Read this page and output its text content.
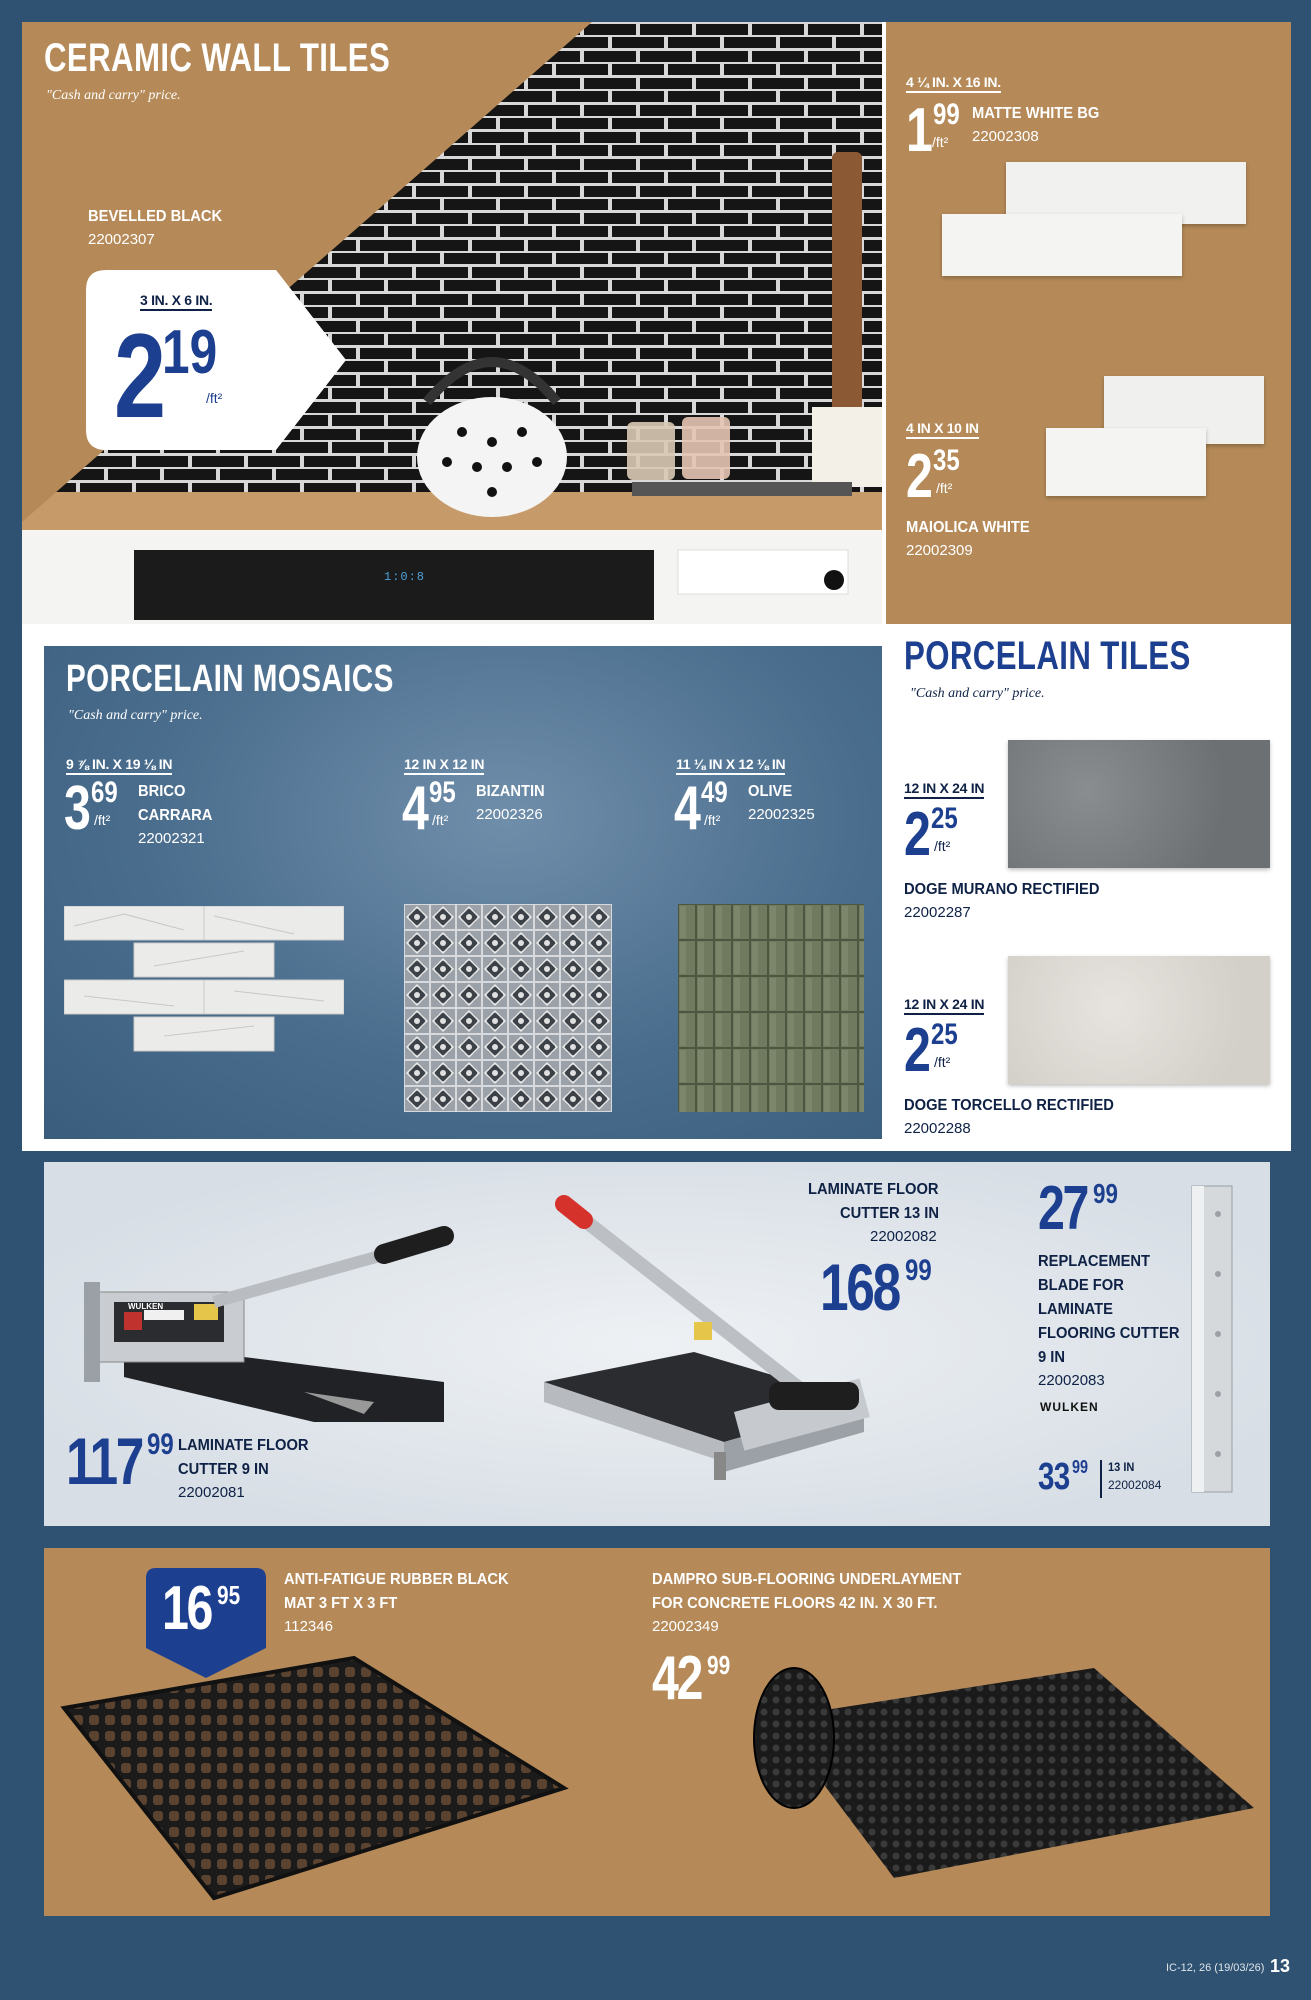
1:0:8
CERAMIC WALL TILES
"Cash and carry" price.
BEVELLED BLACK
22002307
3 IN. X 6 IN.
2
19
/ft²
4 ¼ IN. X 16 IN.
1 99
/ft²
MATTE WHITE BG
22002308
4 IN X 10 IN
2 35
/ft²
MAIOLICA WHITE
22002309
PORCELAIN MOSAICS
"Cash and carry" price.
9 ⅞ IN. X 19 ⅛ IN
3 69
/ft²
BRICO
CARRARA
22002321
12 IN X 12 IN
4 95
/ft²
BIZANTIN
22002326
11 ⅛ IN X 12 ⅛ IN
4 49
/ft²
OLIVE
22002325
PORCELAIN TILES
"Cash and carry" price.
12 IN X 24 IN
2 25
/ft²
DOGE MURANO RECTIFIED
22002287
12 IN X 24 IN
2 25
/ft²
DOGE TORCELLO RECTIFIED
22002288
WULKEN
117 99 LAMINATE FLOOR
CUTTER 9 IN
22002081
LAMINATE FLOOR
CUTTER 13 IN
22002082
168 99
27 99
REPLACEMENT
BLADE FOR
LAMINATE
FLOORING CUTTER
9 IN
22002083
WULKEN
33 99 13 IN
22002084
16 95
ANTI-FATIGUE RUBBER BLACK
MAT 3 FT X 3 FT
112346
DAMPRO SUB-FLOORING UNDERLAYMENT
FOR CONCRETE FLOORS 42 IN. X 30 FT.
22002349
42 99
IC-12, 26 (19/03/26) 13
